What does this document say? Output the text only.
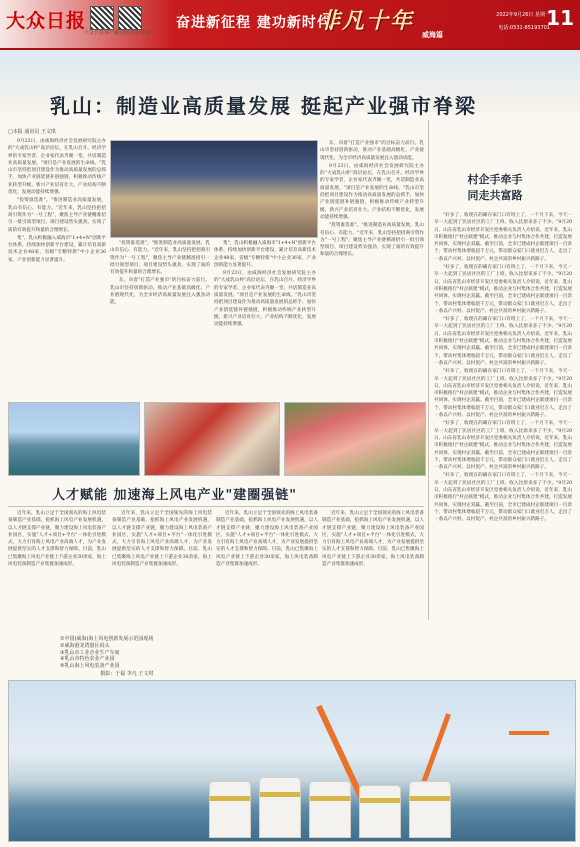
大众日报
大众日报客户端
大众网·海报新闻
奋进新征程 建功新时代
非凡十年
威海篇
2022年9月26日 星期一
电话:0531-85193701
11
乳山：制造业高质量发展 挺起产业强市脊梁
□本报 通讯员 王文琪

9月23日，由威海经济社会发展研究院主办的"大成乳山杯"高层论坛，在乳山召开。经济学界的专家学者、企业家代表齐聚一堂，共话制造业高质量发展。"项目是产业发展的生命线。"乳山市坚持把项目建设作为推动高质量发展的总抓手，加快产业链延链补链强链，积极推动传统产业转型升级、新兴产业培育壮大，产业结构不断优化，发展动能持续增强。

"投资谁选准"。"推进制造业高质量发展，乳山有信心、有能力。"近年来，乳山坚持把招商引资作为"一号工程"，聚焦主导产业链精准招引一批引领型项目，项目建设势头强劲，实现了质的有效提升和量的合理增长。

集"，乳山积极融入威海市"1+4+N"创新平台体系，持续加快创新平台建设，累计培育高新技术企业48家，省级"专精特新"中小企业36家，产业创新能力显著提升。

"投资谁选准"。"推进制造业高质量发展，乳山有信心、有能力。"近年来，乳山坚持把招商引资作为"一号工程"，聚焦主导产业链精准招引一批引领型项目，项目建设势头强劲，实现了质的有效提升和量的合理增长。

东，向着"打造产业强市"的目标奋力前行。乳山市坚持创新驱动，推动产业基础高级化、产业链现代化，为全市经济高质量发展注入强劲动能。

集"，乳山积极融入威海市"1+4+N"创新平台体系，持续加快创新平台建设，累计培育高新技术企业48家，省级"专精特新"中小企业36家，产业创新能力显著提升。

9月23日，由威海经济社会发展研究院主办的"大成乳山杯"高层论坛，在乳山召开。经济学界的专家学者、企业家代表齐聚一堂，共话制造业高质量发展。"项目是产业发展的生命线。"乳山市坚持把项目建设作为推动高质量发展的总抓手，加快产业链延链补链强链，积极推动传统产业转型升级、新兴产业培育壮大，产业结构不断优化，发展动能持续增强。

东，向着"打造产业强市"的目标奋力前行。乳山市坚持创新驱动，推动产业基础高级化、产业链现代化，为全市经济高质量发展注入强劲动能。

9月23日，由威海经济社会发展研究院主办的"大成乳山杯"高层论坛，在乳山召开。经济学界的专家学者、企业家代表齐聚一堂，共话制造业高质量发展。"项目是产业发展的生命线。"乳山市坚持把项目建设作为推动高质量发展的总抓手，加快产业链延链补链强链，积极推动传统产业转型升级、新兴产业培育壮大，产业结构不断优化，发展动能持续增强。

"投资谁选准"。"推进制造业高质量发展，乳山有信心、有能力。"近年来，乳山坚持把招商引资作为"一号工程"，聚焦主导产业链精准招引一批引领型项目，项目建设势头强劲，实现了质的有效提升和量的合理增长。

村企手牵手
同走共富路

"好多了，收现在的确在家门口有班上了，一个月下来，今天一早一大起到了民居社区的工厂上班，收入比原来多了不少。"9月20日，山东省乳山市经济开发区党委相关负责人介绍说，近年来，乳山市积极推行"村企联建"模式，推动企业与村集体合作共建，打造发展共同体，实现村企双赢。截至目前，全市已建成村企联建项目一百余个，带动村集体增收超千万元，带动群众家门口就业近万人，走出了一条以产兴村、以村促产、村企共富的乡村振兴新路子。

"好多了，收现在的确在家门口有班上了，一个月下来，今天一早一大起到了民居社区的工厂上班，收入比原来多了不少。"9月20日，山东省乳山市经济开发区党委相关负责人介绍说，近年来，乳山市积极推行"村企联建"模式，推动企业与村集体合作共建，打造发展共同体，实现村企双赢。截至目前，全市已建成村企联建项目一百余个，带动村集体增收超千万元，带动群众家门口就业近万人，走出了一条以产兴村、以村促产、村企共富的乡村振兴新路子。

"好多了，收现在的确在家门口有班上了，一个月下来，今天一早一大起到了民居社区的工厂上班，收入比原来多了不少。"9月20日，山东省乳山市经济开发区党委相关负责人介绍说，近年来，乳山市积极推行"村企联建"模式，推动企业与村集体合作共建，打造发展共同体，实现村企双赢。截至目前，全市已建成村企联建项目一百余个，带动村集体增收超千万元，带动群众家门口就业近万人，走出了一条以产兴村、以村促产、村企共富的乡村振兴新路子。

"好多了，收现在的确在家门口有班上了，一个月下来，今天一早一大起到了民居社区的工厂上班，收入比原来多了不少。"9月20日，山东省乳山市经济开发区党委相关负责人介绍说，近年来，乳山市积极推行"村企联建"模式，推动企业与村集体合作共建，打造发展共同体，实现村企双赢。截至目前，全市已建成村企联建项目一百余个，带动村集体增收超千万元，带动群众家门口就业近万人，走出了一条以产兴村、以村促产、村企共富的乡村振兴新路子。

"好多了，收现在的确在家门口有班上了，一个月下来，今天一早一大起到了民居社区的工厂上班，收入比原来多了不少。"9月20日，山东省乳山市经济开发区党委相关负责人介绍说，近年来，乳山市积极推行"村企联建"模式，推动企业与村集体合作共建，打造发展共同体，实现村企双赢。截至目前，全市已建成村企联建项目一百余个，带动村集体增收超千万元，带动群众家门口就业近万人，走出了一条以产兴村、以村促产、村企共富的乡村振兴新路子。

"好多了，收现在的确在家门口有班上了，一个月下来，今天一早一大起到了民居社区的工厂上班，收入比原来多了不少。"9月20日，山东省乳山市经济开发区党委相关负责人介绍说，近年来，乳山市积极推行"村企联建"模式，推动企业与村集体合作共建，打造发展共同体，实现村企双赢。截至目前，全市已建成村企联建项目一百余个，带动村集体增收超千万元，带动群众家门口就业近万人，走出了一条以产兴村、以村促产、村企共富的乡村振兴新路子。

人才赋能 加速海上风电产业"建圈强链"

近年来，乳山立足于全国领先的海上风电装备制造产业基础，抢抓海上风电产业发展机遇，以人才链支撑产业链，聚力建设海上风电装备产业园区，实施"人才+项目+平台"一体化引进模式，大力引育海上风电产业高端人才，为产业发展提供坚实的人才支撑和智力保障。目前，乳山已集聚海上风电产业链上下游企业30余家，海上风电装备制造产业集群加速成形。

近年来，乳山立足于全国领先的海上风电装备制造产业基础，抢抓海上风电产业发展机遇，以人才链支撑产业链，聚力建设海上风电装备产业园区，实施"人才+项目+平台"一体化引进模式，大力引育海上风电产业高端人才，为产业发展提供坚实的人才支撑和智力保障。目前，乳山已集聚海上风电产业链上下游企业30余家，海上风电装备制造产业集群加速成形。

近年来，乳山立足于全国领先的海上风电装备制造产业基础，抢抓海上风电产业发展机遇，以人才链支撑产业链，聚力建设海上风电装备产业园区，实施"人才+项目+平台"一体化引进模式，大力引育海上风电产业高端人才，为产业发展提供坚实的人才支撑和智力保障。目前，乳山已集聚海上风电产业链上下游企业30余家，海上风电装备制造产业集群加速成形。

近年来，乳山立足于全国领先的海上风电装备制造产业基础，抢抓海上风电产业发展机遇，以人才链支撑产业链，聚力建设海上风电装备产业园区，实施"人才+项目+平台"一体化引进模式，大力引育海上风电产业高端人才，为产业发展提供坚实的人才支撑和智力保障。目前，乳山已集聚海上风电产业链上下游企业30余家，海上风电装备制造产业集群加速成形。

①中国(威海)海上风电创新发展示范园现场
②威海港龙湾港区码头
③乳山市工业企业生产车间
④乳山市特色农业产业园
⑤乳山海上风电装备产业园
摄影：于福 李凡 王文琪
